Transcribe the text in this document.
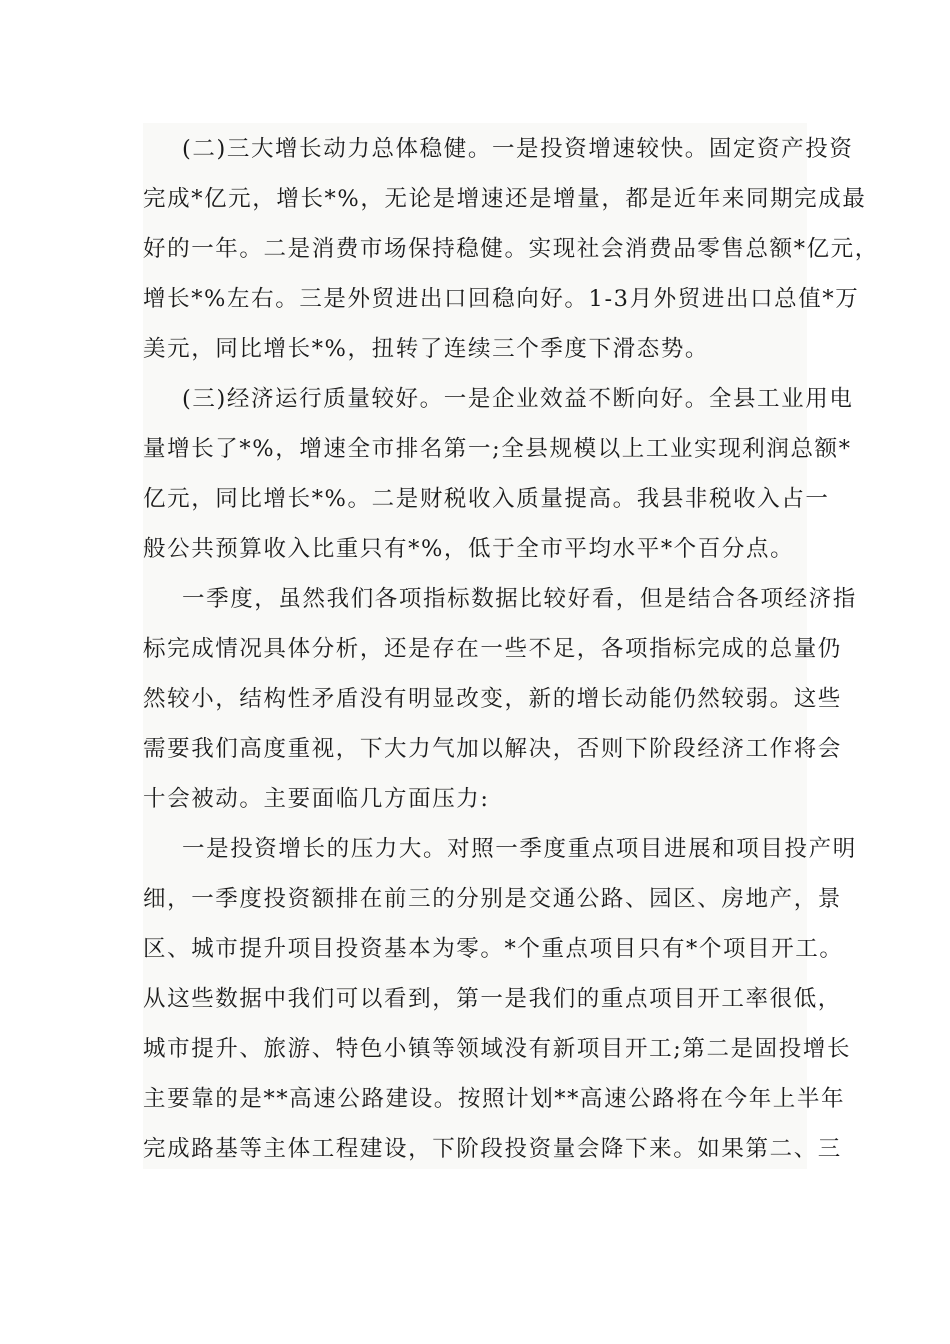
(二)三大增长动力总体稳健。一是投资增速较快。固定资产投资
完成*亿元，增长*%，无论是增速还是增量，都是近年来同期完成最
好的一年。二是消费市场保持稳健。实现社会消费品零售总额*亿元，
增长*%左右。三是外贸进出口回稳向好。1-3月外贸进出口总值*万
美元，同比增长*%，扭转了连续三个季度下滑态势。
(三)经济运行质量较好。一是企业效益不断向好。全县工业用电
量增长了*%，增速全市排名第一;全县规模以上工业实现利润总额*
亿元，同比增长*%。二是财税收入质量提高。我县非税收入占一
般公共预算收入比重只有*%，低于全市平均水平*个百分点。
一季度，虽然我们各项指标数据比较好看，但是结合各项经济指
标完成情况具体分析，还是存在一些不足，各项指标完成的总量仍
然较小，结构性矛盾没有明显改变，新的增长动能仍然较弱。这些
需要我们高度重视，下大力气加以解决，否则下阶段经济工作将会
十会被动。主要面临几方面压力:
一是投资增长的压力大。对照一季度重点项目进展和项目投产明
细，一季度投资额排在前三的分别是交通公路、园区、房地产，景
区、城市提升项目投资基本为零。*个重点项目只有*个项目开工。
从这些数据中我们可以看到，第一是我们的重点项目开工率很低，
城市提升、旅游、特色小镇等领域没有新项目开工;第二是固投增长
主要靠的是**高速公路建设。按照计划**高速公路将在今年上半年
完成路基等主体工程建设，下阶段投资量会降下来。如果第二、三
